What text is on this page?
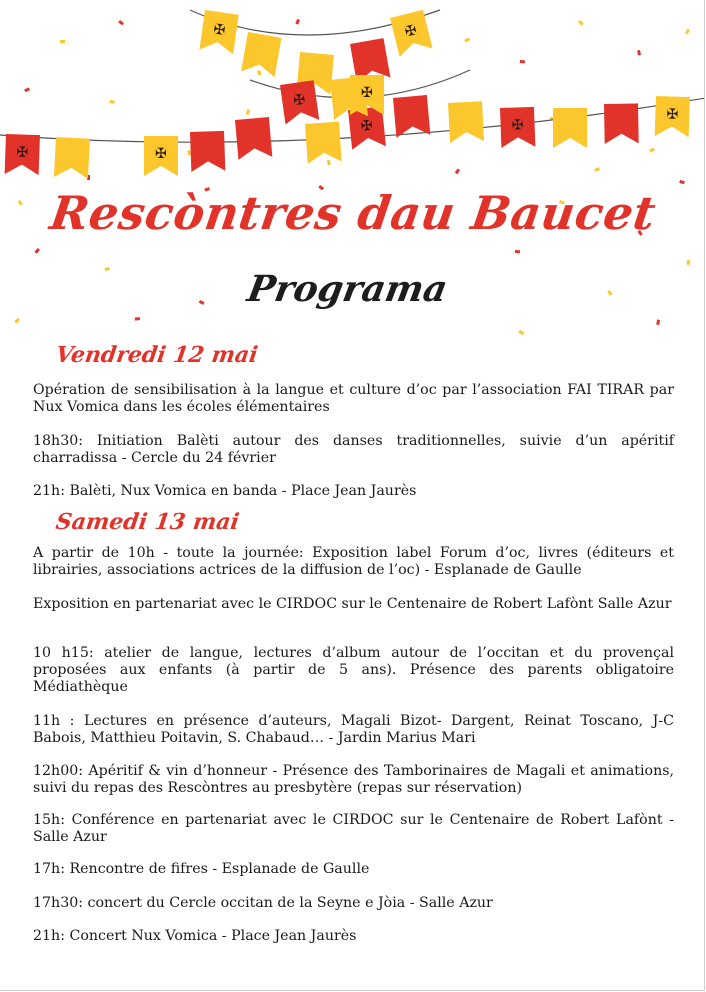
✠	✠
✠	✠
✠
✠	✠
✠	✠
Rescòntres dau Baucet
Programa
Vendredi 12 mai
Opération de sensibilisation à la langue et culture d’oc par l’association FAI TIRAR par Nux Vomica dans les écoles élémentaires
18h30: Initiation Balèti autour des danses traditionnelles, suivie d’un apéritif charradissa - Cercle du 24 février
21h: Balèti, Nux Vomica en banda - Place Jean Jaurès
Samedi 13 mai
A partir de 10h - toute la journée: Exposition label Forum d’oc, livres (éditeurs et librairies, associations actrices de la diffusion de l’oc) - Esplanade de Gaulle
Exposition en partenariat avec le CIRDOC sur le Centenaire de Robert Lafònt Salle Azur
10 h15: atelier de langue, lectures d’album autour de l’occitan et du provençal proposées aux enfants (à partir de 5 ans). Présence des parents obligatoire Médiathèque
11h : Lectures en présence d’auteurs, Magali Bizot- Dargent, Reinat Toscano, J-C Babois, Matthieu Poitavin, S. Chabaud… - Jardin Marius Mari
12h00: Apéritif & vin d’honneur - Présence des Tamborinaires de Magali et animations, suivi du repas des Rescòntres au presbytère (repas sur réservation)
15h: Conférence en partenariat avec le CIRDOC sur le Centenaire de Robert Lafònt - Salle Azur
17h: Rencontre de fifres - Esplanade de Gaulle
17h30: concert du Cercle occitan de la Seyne e Jòia - Salle Azur
21h: Concert Nux Vomica - Place Jean Jaurès
